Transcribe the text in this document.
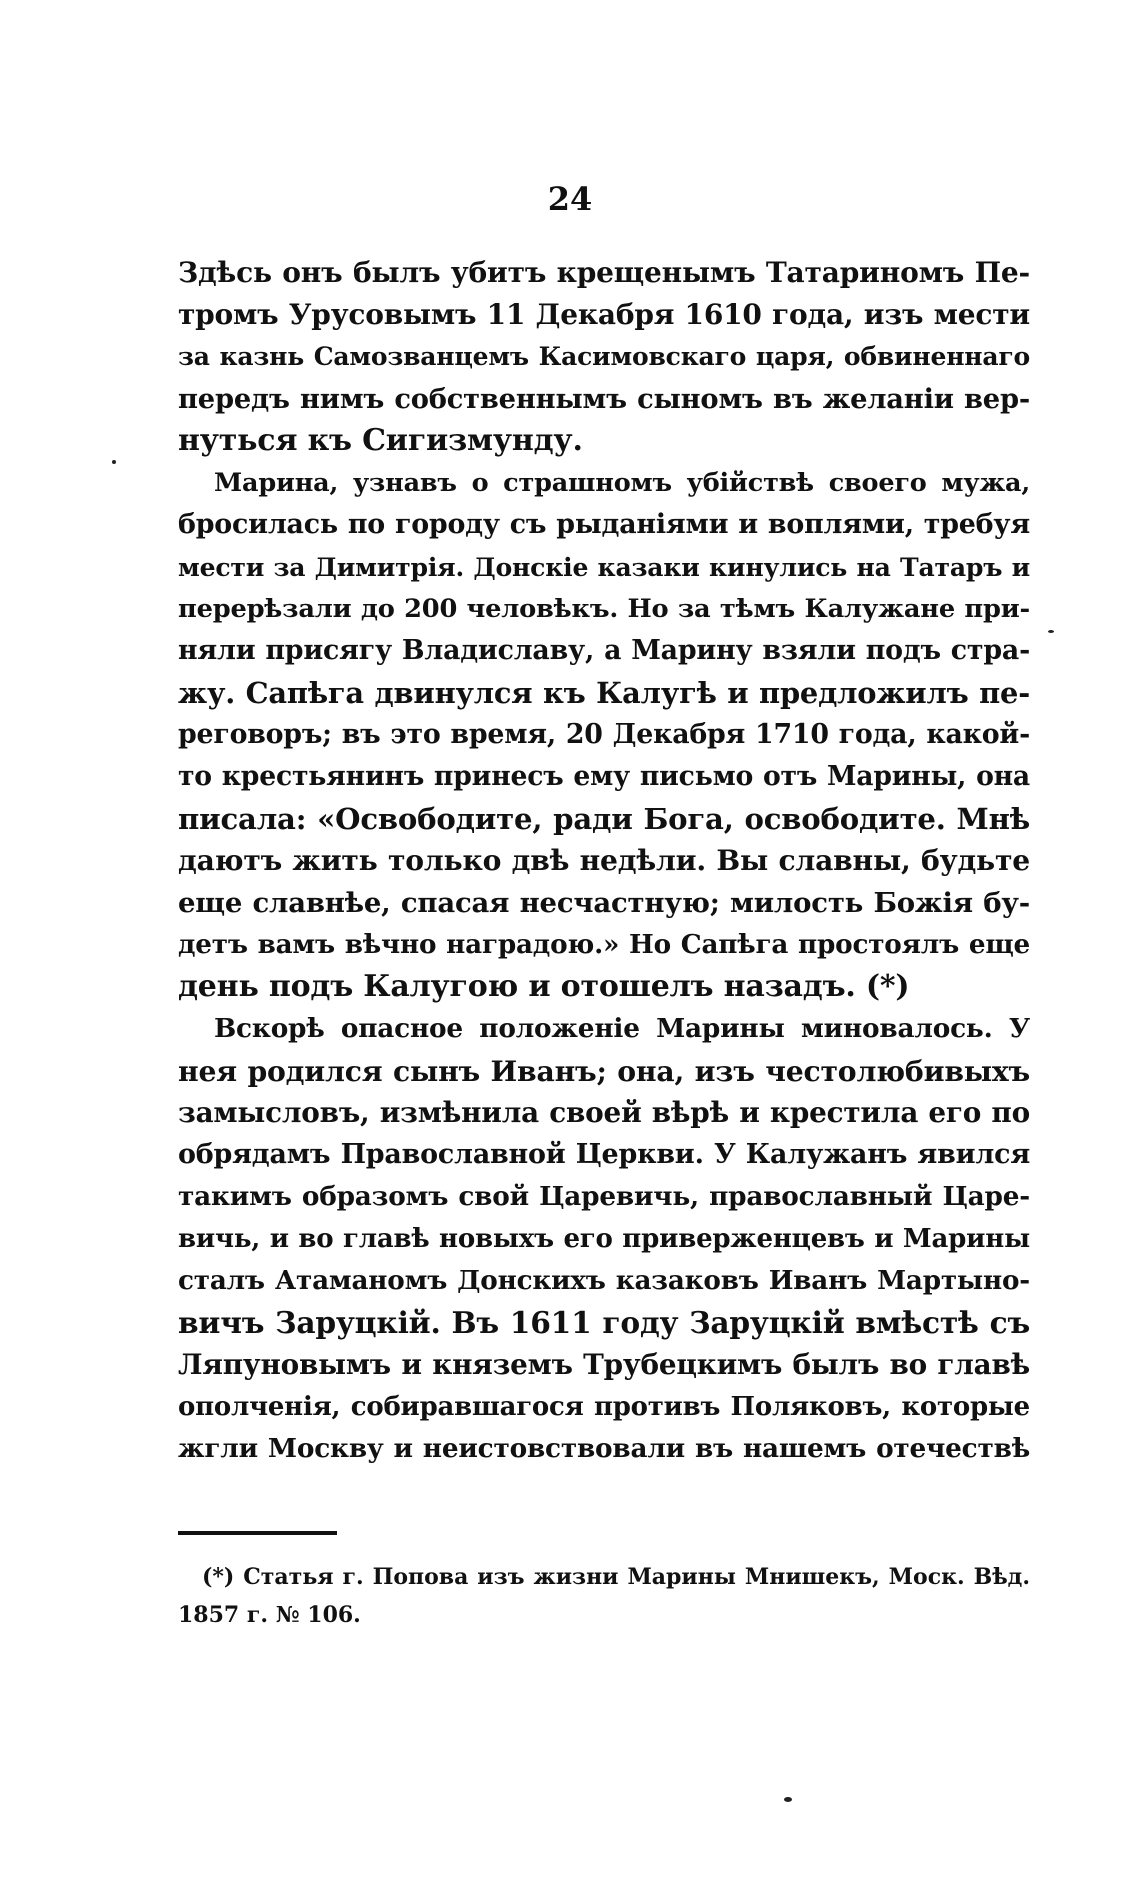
24
Здѣсь онъ былъ убитъ крещенымъ Татариномъ Пе-
тромъ Урусовымъ 11 Декабря 1610 года, изъ мести
за казнь Самозванцемъ Касимовскаго царя, обвиненнаго
передъ нимъ собственнымъ сыномъ въ желаніи вер-
нуться къ Сигизмунду.
Марина, узнавъ о страшномъ убійствѣ своего мужа,
бросилась по городу съ рыданіями и воплями, требуя
мести за Димитрія. Донскіе казаки кинулись на Татаръ и
перерѣзали до 200 человѣкъ. Но за тѣмъ Калужане при-
няли присягу Владиславу, а Марину взяли подъ стра-
жу. Сапѣга двинулся къ Калугѣ и предложилъ пе-
реговоръ; въ это время, 20 Декабря 1710 года, какой-
то крестьянинъ принесъ ему письмо отъ Марины, она
писала: «Освободите, ради Бога, освободите. Мнѣ
даютъ жить только двѣ недѣли. Вы славны, будьте
еще славнѣе, спасая несчастную; милость Божія бу-
детъ вамъ вѣчно наградою.» Но Сапѣга простоялъ еще
день подъ Калугою и отошелъ назадъ. (*)
Вскорѣ опасное положеніе Марины миновалось. У
нея родился сынъ Иванъ; она, изъ честолюбивыхъ
замысловъ, измѣнила своей вѣрѣ и крестила его по
обрядамъ Православной Церкви. У Калужанъ явился
такимъ образомъ свой Царевичь, православный Царе-
вичь, и во главѣ новыхъ его приверженцевъ и Марины
сталъ Атаманомъ Донскихъ казаковъ Иванъ Мартыно-
вичъ Заруцкій. Въ 1611 году Заруцкій вмѣстѣ съ
Ляпуновымъ и княземъ Трубецкимъ былъ во главѣ
ополченія, собиравшагося противъ Поляковъ, которые
жгли Москву и неистовствовали въ нашемъ отечествѣ
(*) Статья г. Попова изъ жизни Марины Мнишекъ, Моск. Вѣд.
1857 г. № 106.
